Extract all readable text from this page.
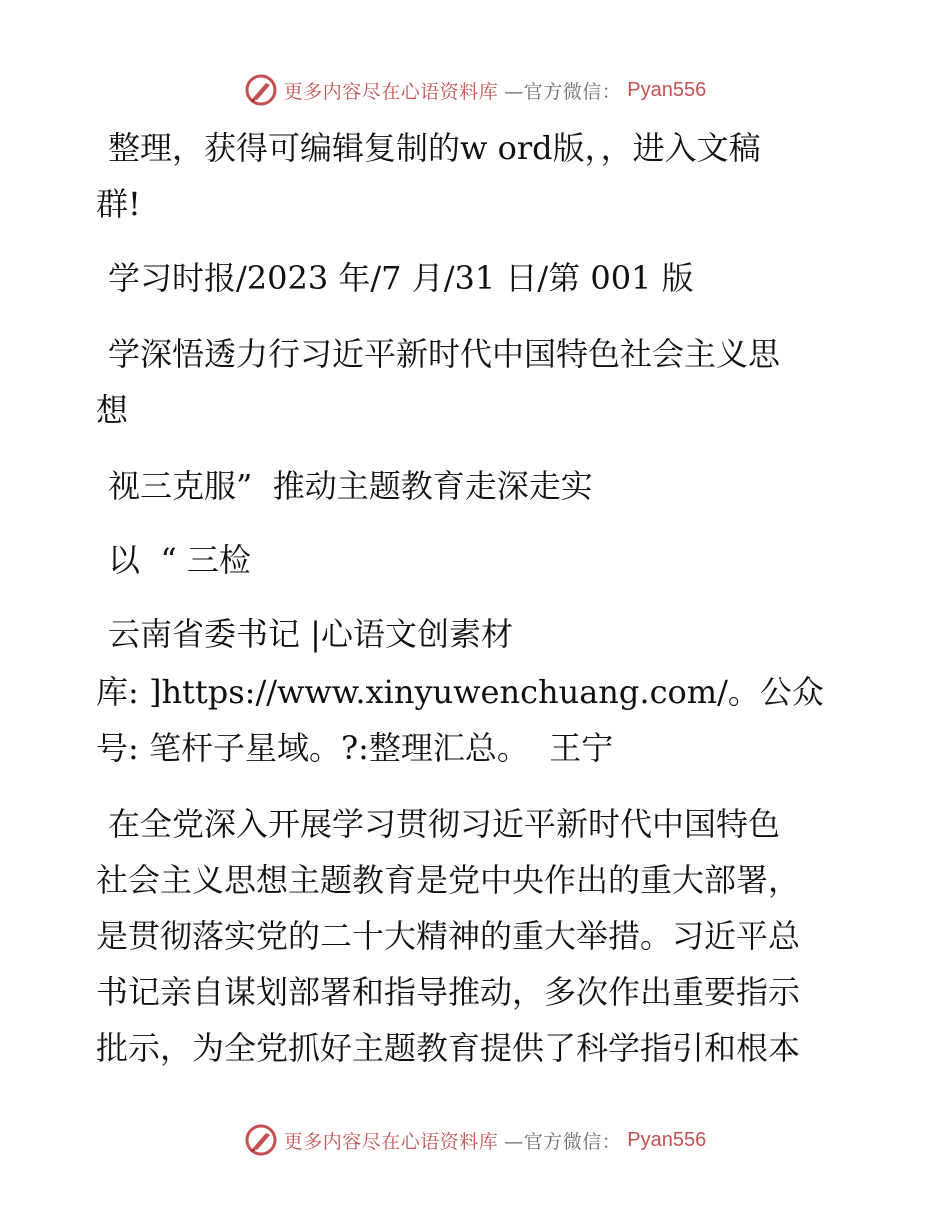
更多内容尽在心语资料库 —官方微信： Pyan556
整理，获得可编辑复制的w ord版，，进入文稿
群!
学习时报/2023 年/7 月/31 日/第 001 版
学深悟透力行习近平新时代中国特色社会主义思
想
视三克服”  推动主题教育走深走实
以  “ 三检
云南省委书记 |心语文创素材
库: ]https://www.xinyuwenchuang.com/。公众
号: 笔杆子星域。?:整理汇总。  王宁
在全党深入开展学习贯彻习近平新时代中国特色
社会主义思想主题教育是党中央作出的重大部署，
是贯彻落实党的二十大精神的重大举措。习近平总
书记亲自谋划部署和指导推动，多次作出重要指示
批示，为全党抓好主题教育提供了科学指引和根本
更多内容尽在心语资料库 —官方微信： Pyan556
